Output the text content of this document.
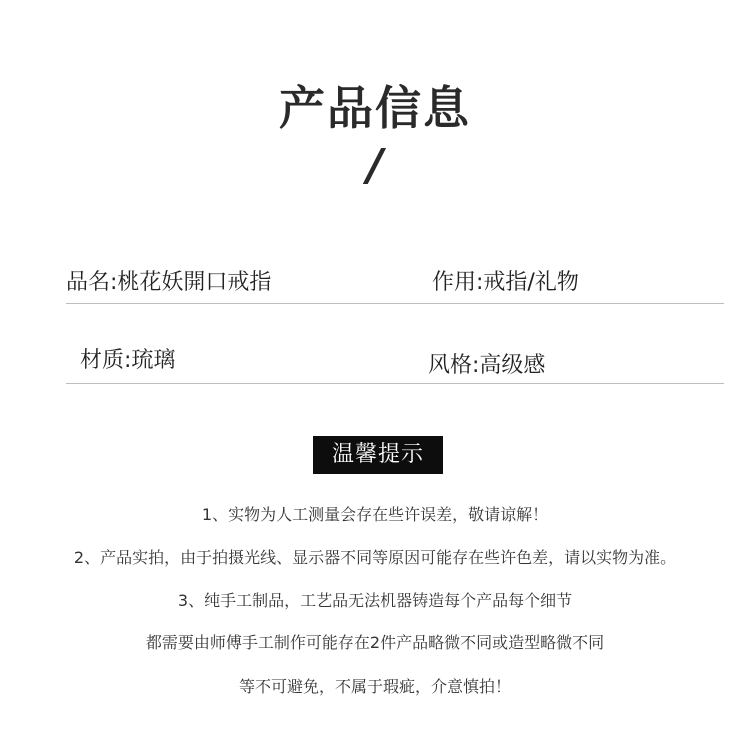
产品信息
/
品名:桃花妖開口戒指	作用:戒指/礼物
材质:琉璃	风格:高级感
温馨提示
1、实物为人工测量会存在些许误差，敬请谅解！
2、产品实拍，由于拍摄光线、显示器不同等原因可能存在些许色差，请以实物为准。
3、纯手工制品，工艺品无法机器铸造每个产品每个细节
都需要由师傅手工制作可能存在2件产品略微不同或造型略微不同
等不可避免，不属于瑕疵，介意慎拍！
